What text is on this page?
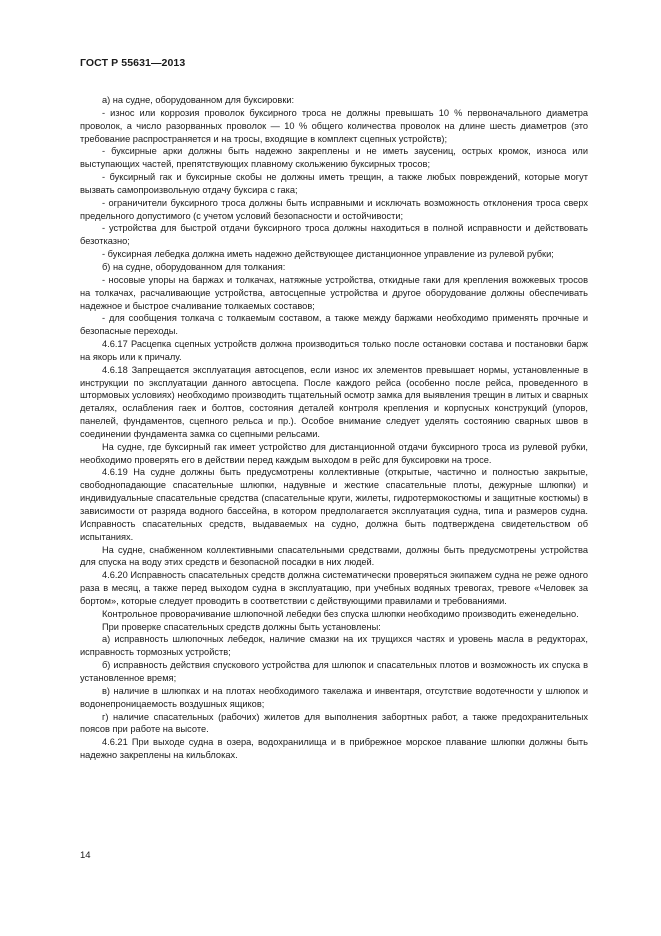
ГОСТ Р 55631—2013

а) на судне, оборудованном для буксировки:

- износ или коррозия проволок буксирного троса не должны превышать 10 % первоначального диаметра проволок, а число разорванных проволок — 10 % общего количества проволок на длине шесть диаметров (это требование распространяется и на тросы, входящие в комплект сцепных устройств);

- буксирные арки должны быть надежно закреплены и не иметь заусениц, острых кромок, износа или выступающих частей, препятствующих плавному скольжению буксирных тросов;

- буксирный гак и буксирные скобы не должны иметь трещин, а также любых повреждений, которые могут вызвать самопроизвольную отдачу буксира с гака;

- ограничители буксирного троса должны быть исправными и исключать возможность отклонения троса сверх предельного допустимого (с учетом условий безопасности и остойчивости;

- устройства для быстрой отдачи буксирного троса должны находиться в полной исправности и действовать безотказно;

- буксирная лебедка должна иметь надежно действующее дистанционное управление из рулевой рубки;

б) на судне, оборудованном для толкания:

- носовые упоры на баржах и толкачах, натяжные устройства, откидные гаки для крепления вожжевых тросов на толкачах, расчаливающие устройства, автосцепные устройства и другое оборудование должны обеспечивать надежное и быстрое счаливание толкаемых составов;

- для сообщения толкача с толкаемым составом, а также между баржами необходимо применять прочные и безопасные переходы.

4.6.17 Расцепка сцепных устройств должна производиться только после остановки состава и постановки барж на якорь или к причалу.

4.6.18 Запрещается эксплуатация автосцепов, если износ их элементов превышает нормы, установленные в инструкции по эксплуатации данного автосцепа. После каждого рейса (особенно после рейса, проведенного в штормовых условиях) необходимо производить тщательный осмотр замка для выявления трещин в литых и сварных деталях, ослабления гаек и болтов, состояния деталей контроля крепления и корпусных конструкций (упоров, панелей, фундаментов, сцепного рельса и пр.). Особое внимание следует уделять состоянию сварных швов в соединении фундамента замка со сцепными рельсами.

На судне, где буксирный гак имеет устройство для дистанционной отдачи буксирного троса из рулевой рубки, необходимо проверять его в действии перед каждым выходом в рейс для буксировки на тросе.

4.6.19 На судне должны быть предусмотрены коллективные (открытые, частично и полностью закрытые, свободнопадающие спасательные шлюпки, надувные и жесткие спасательные плоты, дежурные шлюпки) и индивидуальные спасательные средства (спасательные круги, жилеты, гидротермокостюмы и защитные костюмы) в зависимости от разряда водного бассейна, в котором предполагается эксплуатация судна, типа и размеров судна. Исправность спасательных средств, выдаваемых на судно, должна быть подтверждена свидетельством об испытаниях.

На судне, снабженном коллективными спасательными средствами, должны быть предусмотрены устройства для спуска на воду этих средств и безопасной посадки в них людей.

4.6.20 Исправность спасательных средств должна систематически проверяться экипажем судна не реже одного раза в месяц, а также перед выходом судна в эксплуатацию, при учебных водяных тревогах, тревоге «Человек за бортом», которые следует проводить в соответствии с действующими правилами и требованиями.

Контрольное проворачивание шлюпочной лебедки без спуска шлюпки необходимо производить еженедельно.

При проверке спасательных средств должны быть установлены:

а) исправность шлюпочных лебедок, наличие смазки на их трущихся частях и уровень масла в редукторах, исправность тормозных устройств;

б) исправность действия спускового устройства для шлюпок и спасательных плотов и возможность их спуска в установленное время;

в) наличие в шлюпках и на плотах необходимого такелажа и инвентаря, отсутствие водотечности у шлюпок и водонепроницаемость воздушных ящиков;

г) наличие спасательных (рабочих) жилетов для выполнения забортных работ, а также предохранительных поясов при работе на высоте.

4.6.21 При выходе судна в озера, водохранилища и в прибрежное морское плавание шлюпки должны быть надежно закреплены на кильблоках.

14
